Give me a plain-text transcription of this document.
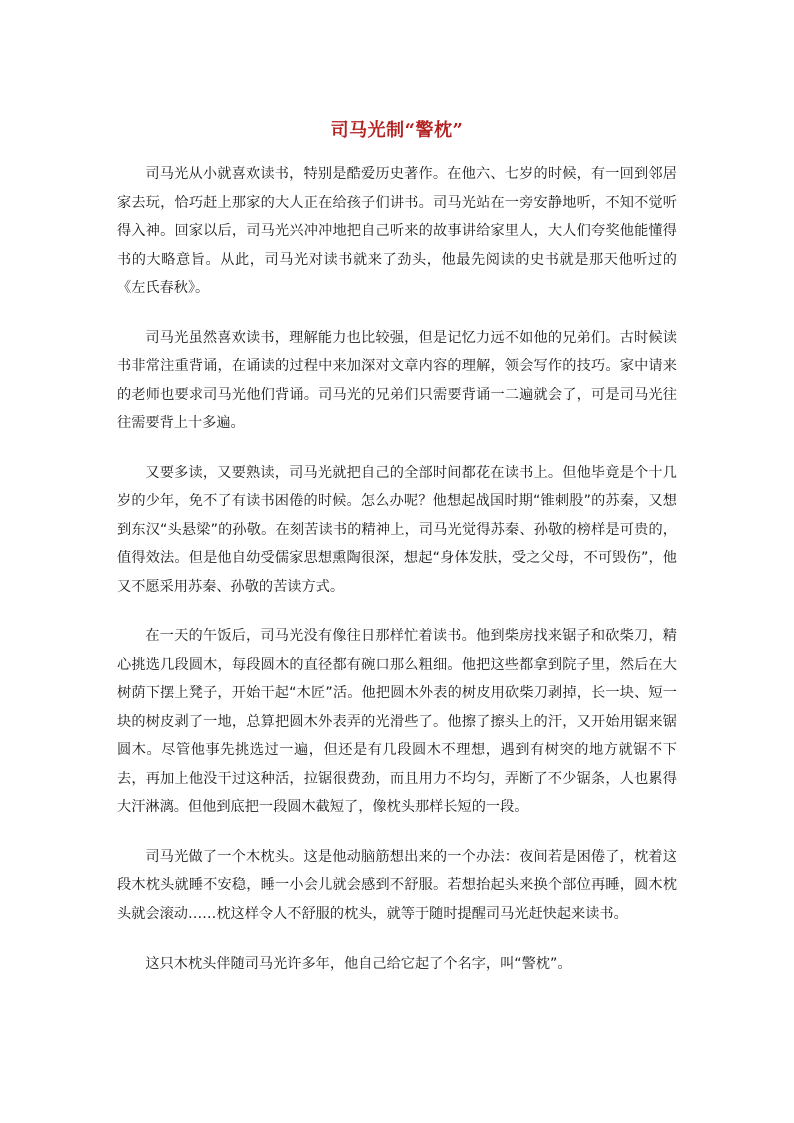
司马光制“警枕”

司马光从小就喜欢读书，特别是酷爱历史著作。在他六、七岁的时候，有一回到邻居家去玩，恰巧赶上那家的大人正在给孩子们讲书。司马光站在一旁安静地听，不知不觉听得入神。回家以后，司马光兴冲冲地把自己听来的故事讲给家里人，大人们夸奖他能懂得书的大略意旨。从此，司马光对读书就来了劲头，他最先阅读的史书就是那天他听过的《左氏春秋》。

司马光虽然喜欢读书，理解能力也比较强，但是记忆力远不如他的兄弟们。古时候读书非常注重背诵，在诵读的过程中来加深对文章内容的理解，领会写作的技巧。家中请来的老师也要求司马光他们背诵。司马光的兄弟们只需要背诵一二遍就会了，可是司马光往往需要背上十多遍。

又要多读，又要熟读，司马光就把自己的全部时间都花在读书上。但他毕竟是个十几岁的少年，免不了有读书困倦的时候。怎么办呢？他想起战国时期“锥刺股”的苏秦，又想到东汉“头悬梁”的孙敬。在刻苦读书的精神上，司马光觉得苏秦、孙敬的榜样是可贵的，值得效法。但是他自幼受儒家思想熏陶很深，想起“身体发肤，受之父母，不可毁伤”，他又不愿采用苏秦、孙敬的苦读方式。

在一天的午饭后，司马光没有像往日那样忙着读书。他到柴房找来锯子和砍柴刀，精心挑选几段圆木，每段圆木的直径都有碗口那么粗细。他把这些都拿到院子里，然后在大树荫下摆上凳子，开始干起“木匠”活。他把圆木外表的树皮用砍柴刀剥掉，长一块、短一块的树皮剥了一地，总算把圆木外表弄的光滑些了。他擦了擦头上的汗，又开始用锯来锯圆木。尽管他事先挑选过一遍，但还是有几段圆木不理想，遇到有树突的地方就锯不下去，再加上他没干过这种活，拉锯很费劲，而且用力不均匀，弄断了不少锯条，人也累得大汗淋漓。但他到底把一段圆木截短了，像枕头那样长短的一段。

司马光做了一个木枕头。这是他动脑筋想出来的一个办法：夜间若是困倦了，枕着这段木枕头就睡不安稳，睡一小会儿就会感到不舒服。若想抬起头来换个部位再睡，圆木枕头就会滚动……枕这样令人不舒服的枕头，就等于随时提醒司马光赶快起来读书。

这只木枕头伴随司马光许多年，他自己给它起了个名字，叫“警枕”。
